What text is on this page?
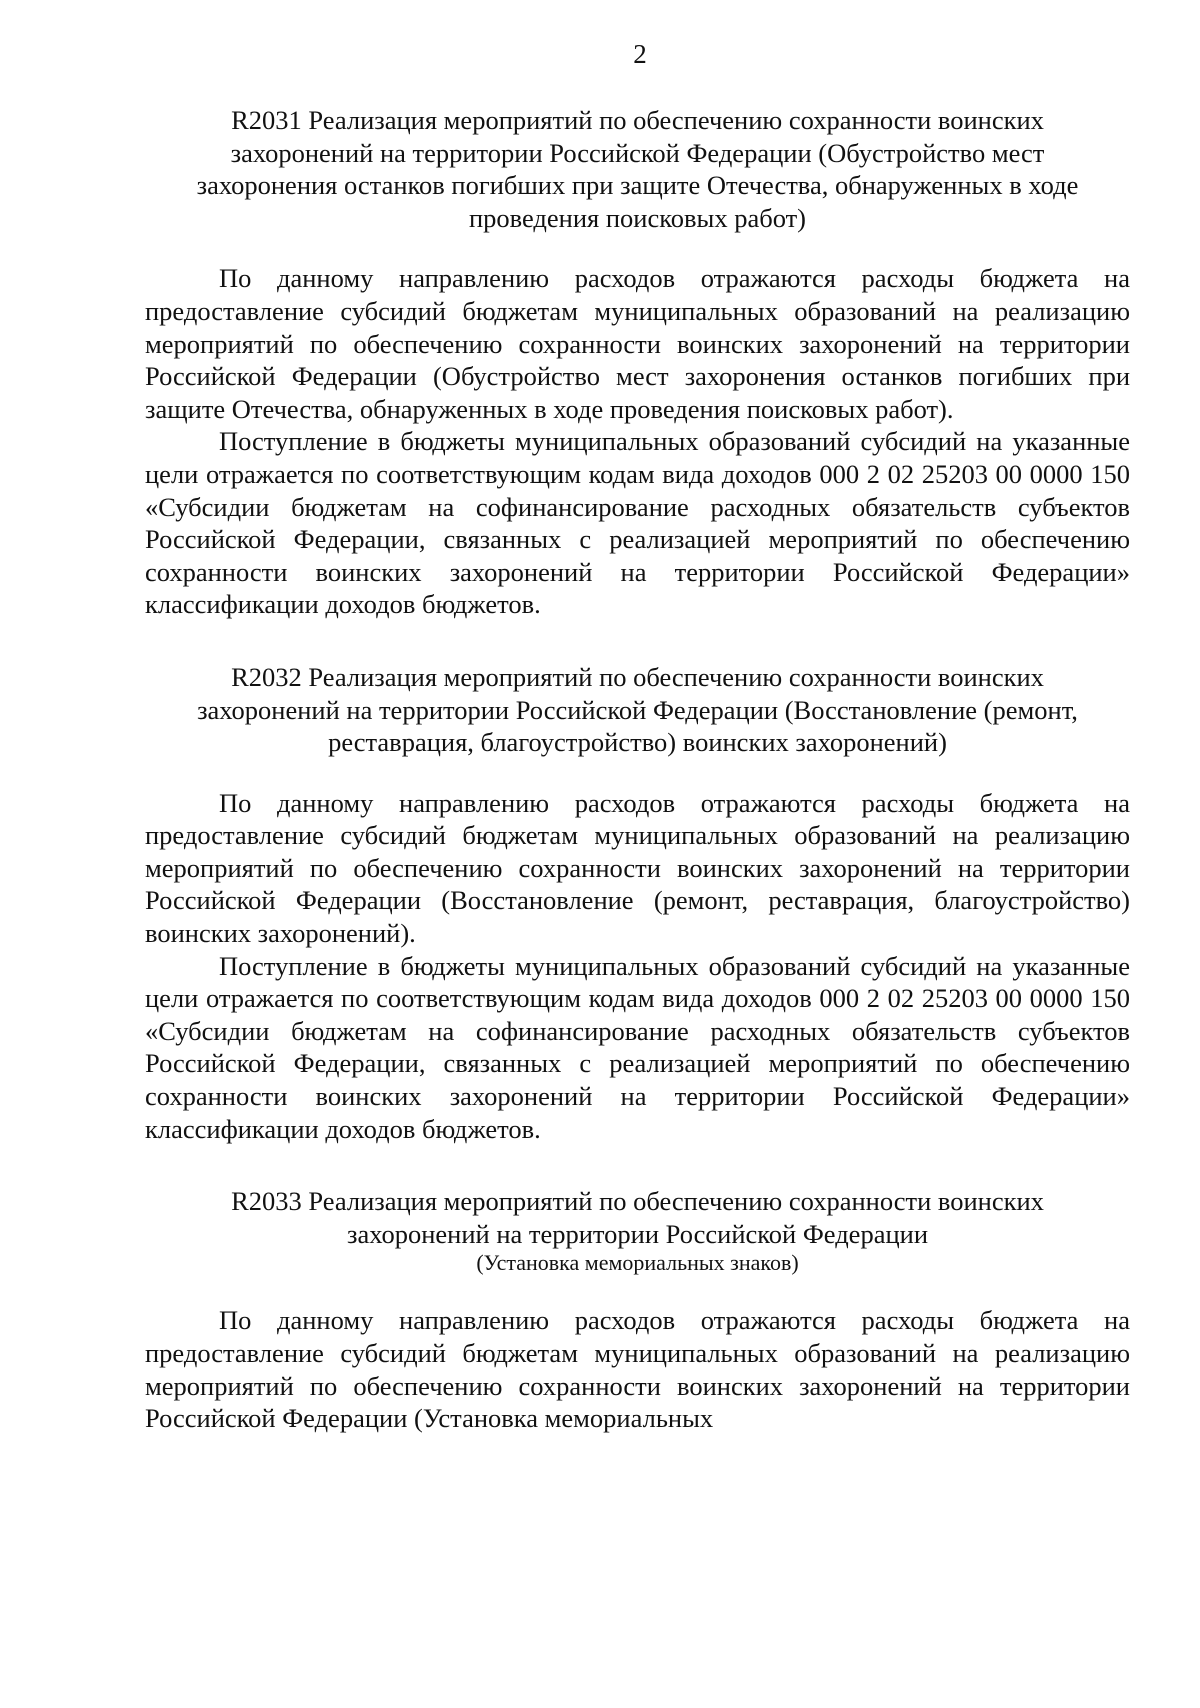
2
R2031 Реализация мероприятий по обеспечению сохранности воинских
захоронений на территории Российской Федерации (Обустройство мест
захоронения останков погибших при защите Отечества, обнаруженных в ходе
проведения поисковых работ)

По данному направлению расходов отражаются расходы бюджета на предоставление субсидий бюджетам муниципальных образований на реализацию мероприятий по обеспечению сохранности воинских захоронений на территории Российской Федерации (Обустройство мест захоронения останков погибших при защите Отечества, обнаруженных в ходе проведения поисковых работ).

Поступление в бюджеты муниципальных образований субсидий на указанные цели отражается по соответствующим кодам вида доходов 000 2 02 25203 00 0000 150 «Субсидии бюджетам на софинансирование расходных обязательств субъектов Российской Федерации, связанных с реализацией мероприятий по обеспечению сохранности воинских захоронений на территории Российской Федерации» классификации доходов бюджетов.

R2032 Реализация мероприятий по обеспечению сохранности воинских
захоронений на территории Российской Федерации (Восстановление (ремонт,
реставрация, благоустройство) воинских захоронений)

По данному направлению расходов отражаются расходы бюджета на предоставление субсидий бюджетам муниципальных образований на реализацию мероприятий по обеспечению сохранности воинских захоронений на территории Российской Федерации (Восстановление (ремонт, реставрация, благоустройство) воинских захоронений).

Поступление в бюджеты муниципальных образований субсидий на указанные цели отражается по соответствующим кодам вида доходов 000 2 02 25203 00 0000 150 «Субсидии бюджетам на софинансирование расходных обязательств субъектов Российской Федерации, связанных с реализацией мероприятий по обеспечению сохранности воинских захоронений на территории Российской Федерации» классификации доходов бюджетов.

R2033 Реализация мероприятий по обеспечению сохранности воинских
захоронений на территории Российской Федерации
(Установка мемориальных знаков)

По данному направлению расходов отражаются расходы бюджета на предоставление субсидий бюджетам муниципальных образований на реализацию мероприятий по обеспечению сохранности воинских захоронений на территории Российской Федерации (Установка мемориальных
